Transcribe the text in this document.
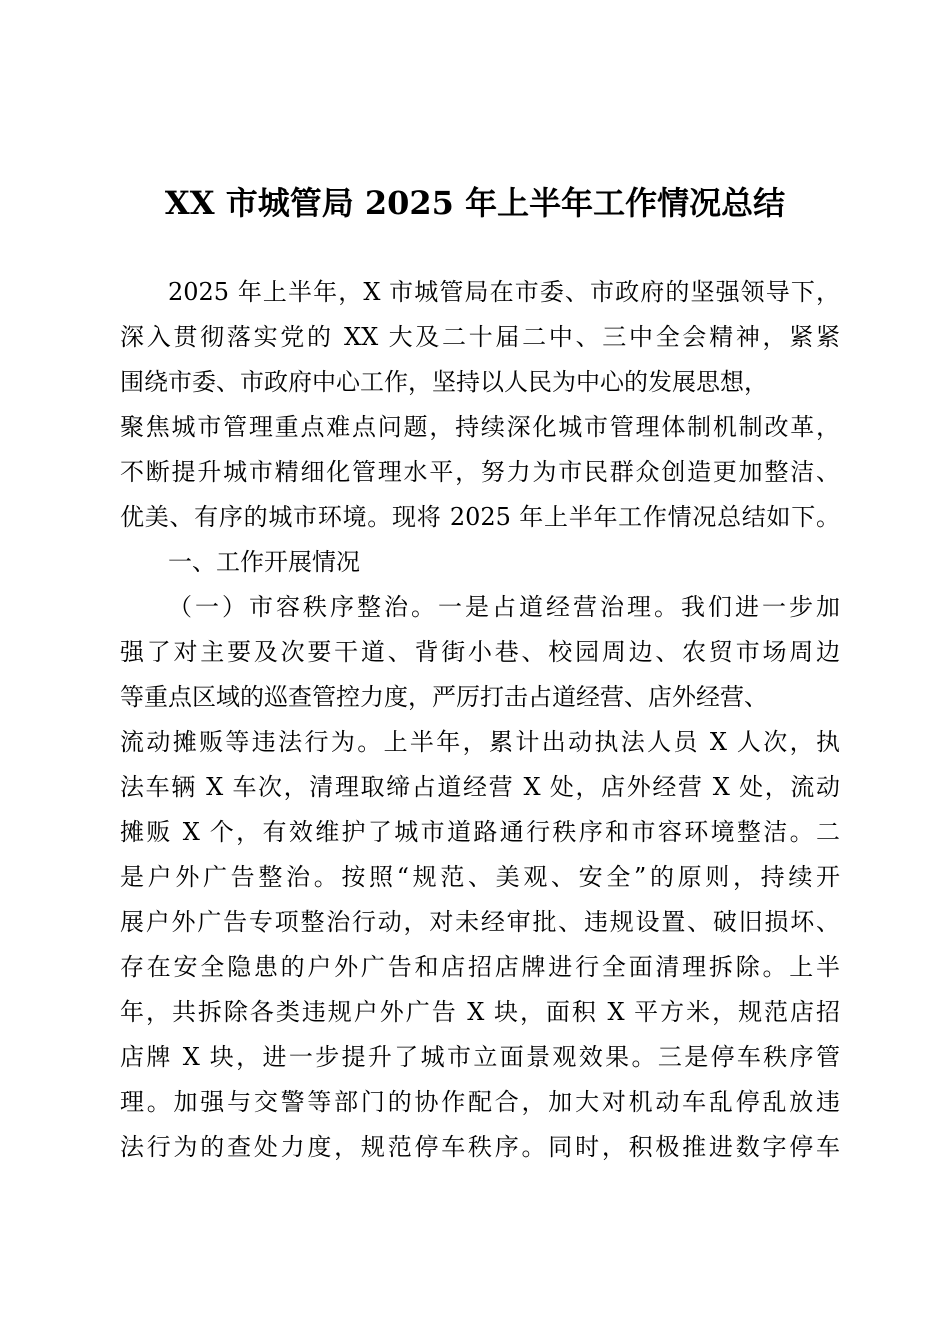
XX 市城管局 2025 年上半年工作情况总结
2025 年上半年，X 市城管局在市委、市政府的坚强领导下，
深入贯彻落实党的 XX 大及二十届二中、三中全会精神，紧紧
围绕市委、市政府中心工作，坚持以人民为中心的发展思想，
聚焦城市管理重点难点问题，持续深化城市管理体制机制改革，
不断提升城市精细化管理水平，努力为市民群众创造更加整洁、
优美、有序的城市环境。现将 2025 年上半年工作情况总结如下。
一、工作开展情况
（一）市容秩序整治。一是占道经营治理。我们进一步加
强了对主要及次要干道、背街小巷、校园周边、农贸市场周边
等重点区域的巡查管控力度，严厉打击占道经营、店外经营、
流动摊贩等违法行为。上半年，累计出动执法人员 X 人次，执
法车辆 X 车次，清理取缔占道经营 X 处，店外经营 X 处，流动
摊贩 X 个，有效维护了城市道路通行秩序和市容环境整洁。二
是户外广告整治。按照“规范、美观、安全”的原则，持续开
展户外广告专项整治行动，对未经审批、违规设置、破旧损坏、
存在安全隐患的户外广告和店招店牌进行全面清理拆除。上半
年，共拆除各类违规户外广告 X 块，面积 X 平方米，规范店招
店牌 X 块，进一步提升了城市立面景观效果。三是停车秩序管
理。加强与交警等部门的协作配合，加大对机动车乱停乱放违
法行为的查处力度，规范停车秩序。同时，积极推进数字停车
